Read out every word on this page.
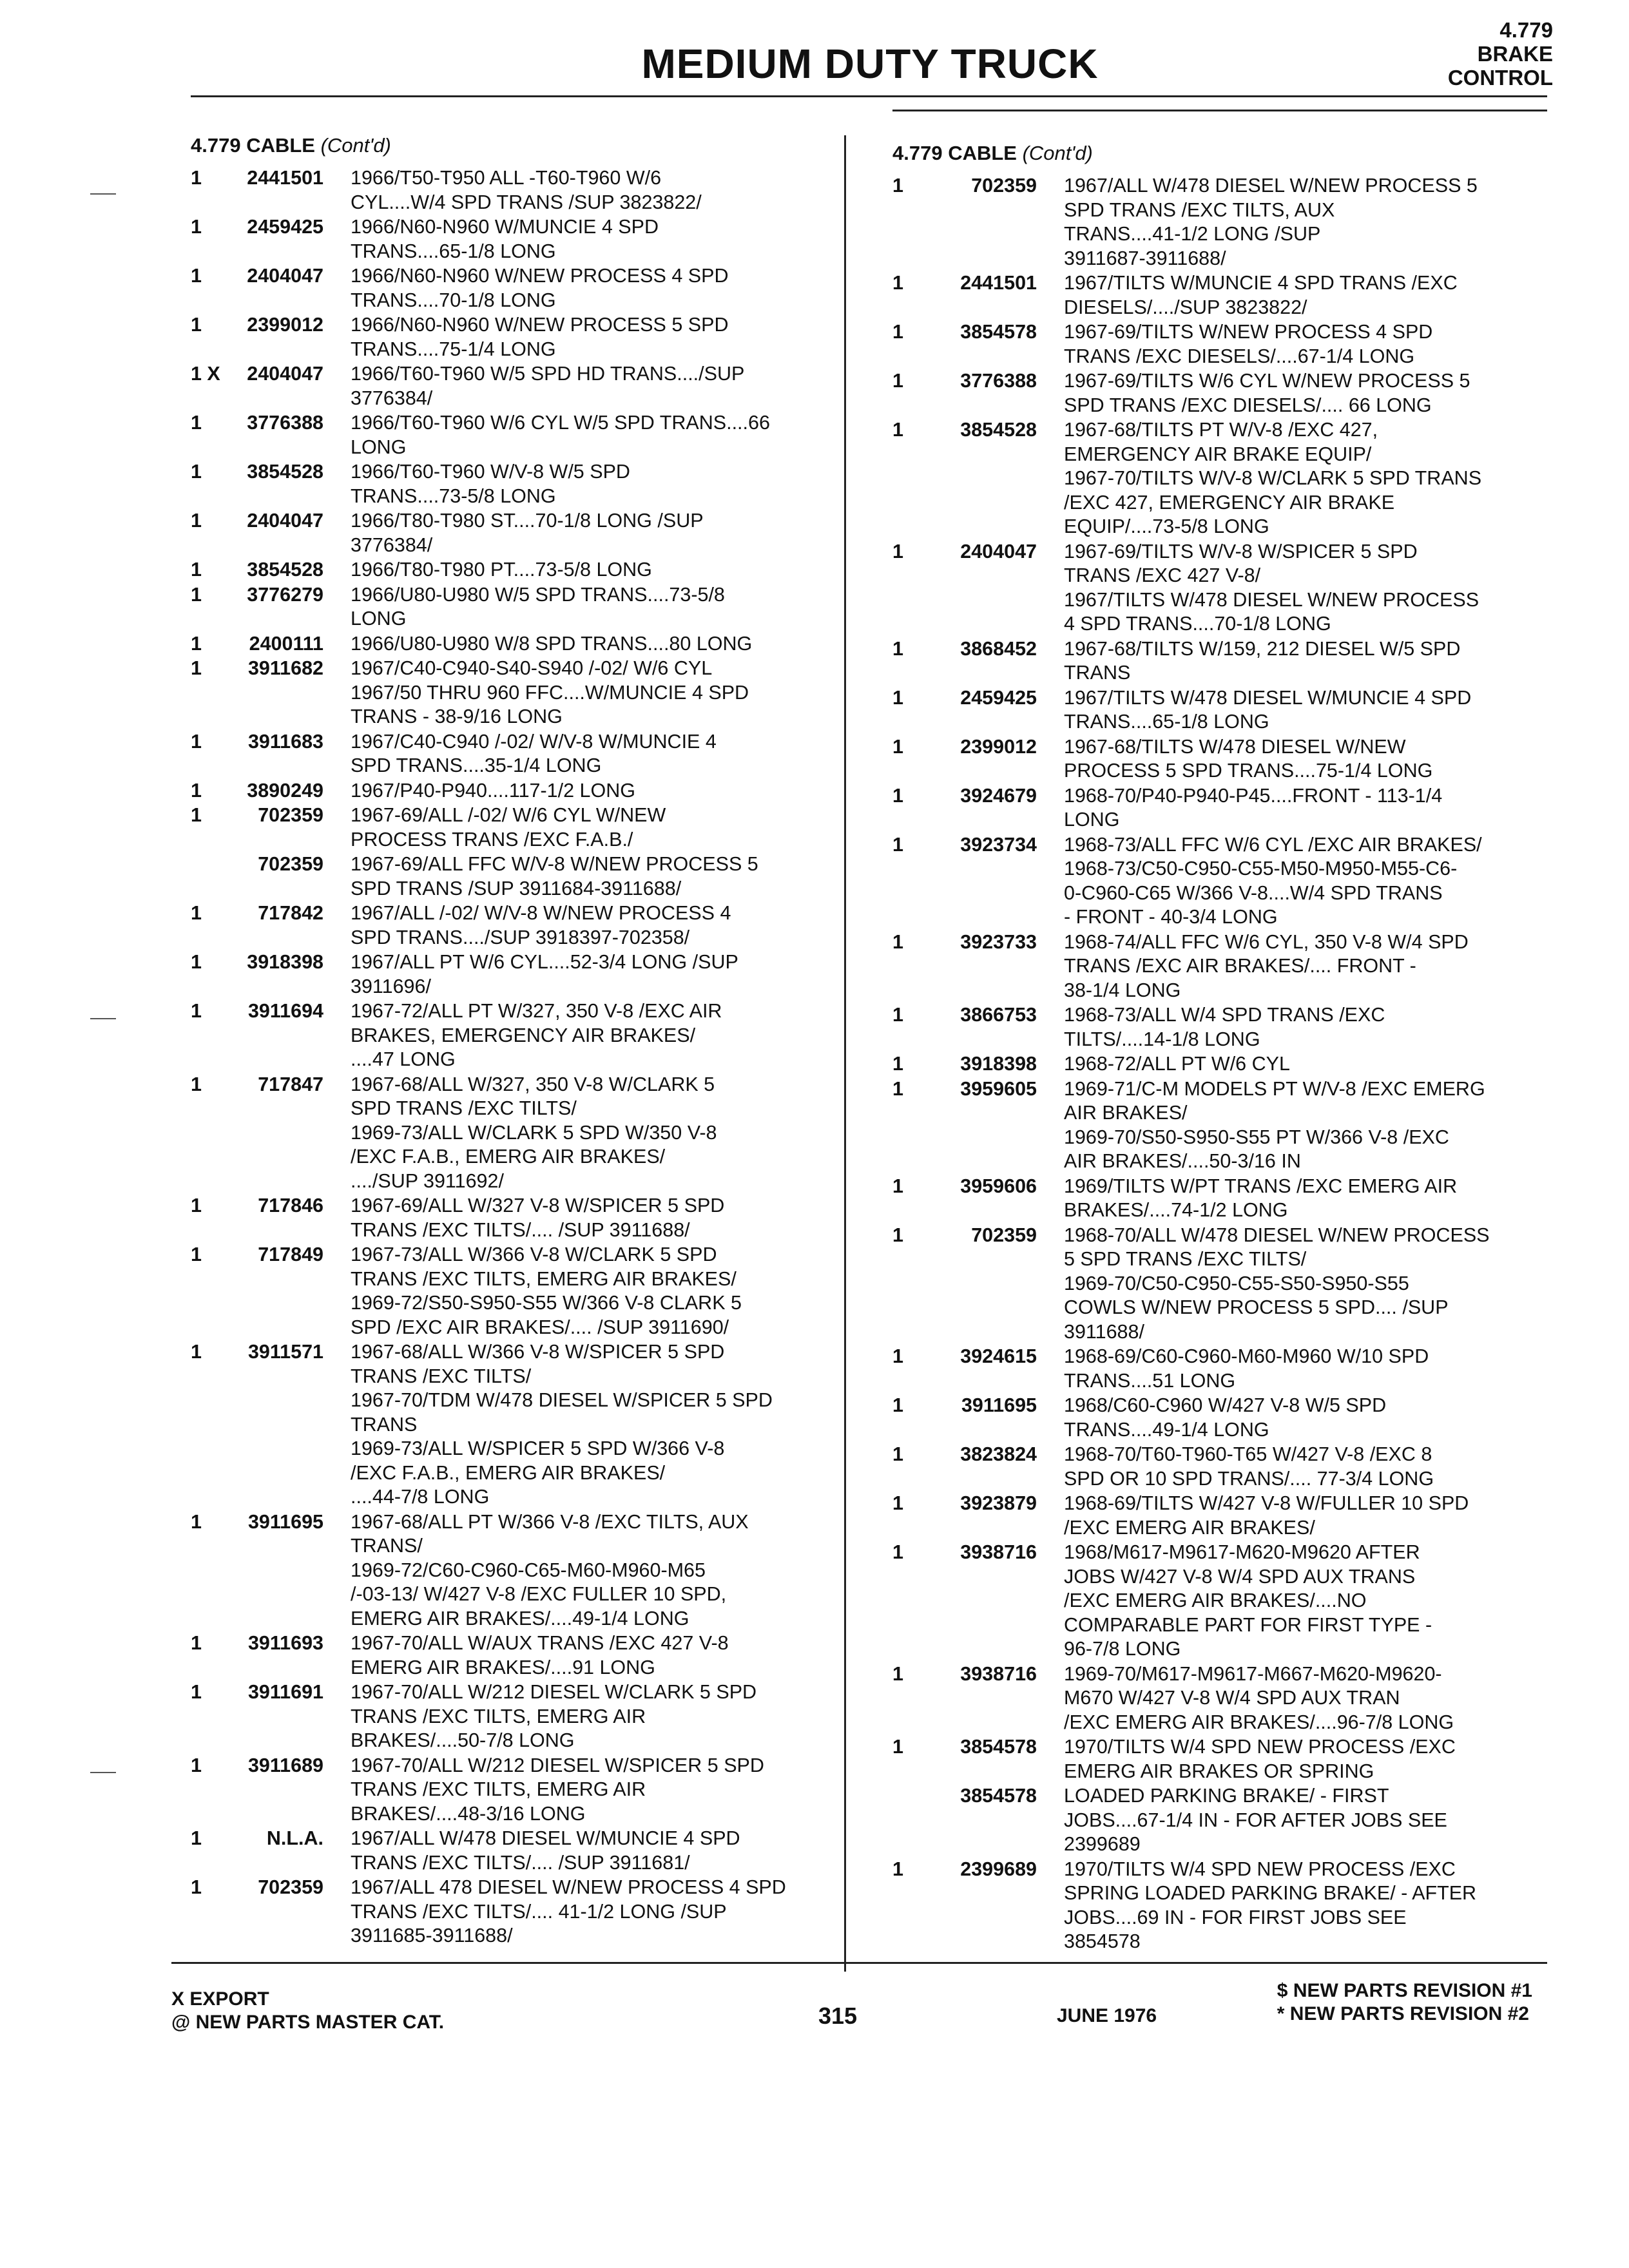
MEDIUM DUTY TRUCK
4.779
BRAKE
CONTROL
4.779 CABLE (Cont'd)
1	2441501	1966/T50-T950 ALL -T60-T960 W/6
CYL....W/4 SPD TRANS /SUP 3823822/
1	2459425	1966/N60-N960 W/MUNCIE 4 SPD
TRANS....65-1/8 LONG
1	2404047	1966/N60-N960 W/NEW PROCESS 4 SPD
TRANS....70-1/8 LONG
1	2399012	1966/N60-N960 W/NEW PROCESS 5 SPD
TRANS....75-1/4 LONG
1 X	2404047	1966/T60-T960 W/5 SPD HD TRANS..../SUP
3776384/
1	3776388	1966/T60-T960 W/6 CYL W/5 SPD TRANS....66
LONG
1	3854528	1966/T60-T960 W/V-8 W/5 SPD
TRANS....73-5/8 LONG
1	2404047	1966/T80-T980 ST....70-1/8 LONG /SUP
3776384/
1	3854528	1966/T80-T980 PT....73-5/8 LONG
1	3776279	1966/U80-U980 W/5 SPD TRANS....73-5/8
LONG
1	2400111	1966/U80-U980 W/8 SPD TRANS....80 LONG
1	3911682	1967/C40-C940-S40-S940 /-02/ W/6 CYL
1967/50 THRU 960 FFC....W/MUNCIE 4 SPD
TRANS - 38-9/16 LONG
1	3911683	1967/C40-C940 /-02/ W/V-8 W/MUNCIE 4
SPD TRANS....35-1/4 LONG
1	3890249	1967/P40-P940....117-1/2 LONG
1	702359	1967-69/ALL /-02/ W/6 CYL W/NEW
PROCESS TRANS /EXC F.A.B./
702359	1967-69/ALL FFC W/V-8 W/NEW PROCESS 5
SPD TRANS /SUP 3911684-3911688/
1	717842	1967/ALL /-02/ W/V-8 W/NEW PROCESS 4
SPD TRANS..../SUP 3918397-702358/
1	3918398	1967/ALL PT W/6 CYL....52-3/4 LONG /SUP
3911696/
1	3911694	1967-72/ALL PT W/327, 350 V-8 /EXC AIR
BRAKES, EMERGENCY AIR BRAKES/
....47 LONG
1	717847	1967-68/ALL W/327, 350 V-8 W/CLARK 5
SPD TRANS /EXC TILTS/
1969-73/ALL W/CLARK 5 SPD W/350 V-8
/EXC F.A.B., EMERG AIR BRAKES/
..../SUP 3911692/
1	717846	1967-69/ALL W/327 V-8 W/SPICER 5 SPD
TRANS /EXC TILTS/.... /SUP 3911688/
1	717849	1967-73/ALL W/366 V-8 W/CLARK 5 SPD
TRANS /EXC TILTS, EMERG AIR BRAKES/
1969-72/S50-S950-S55 W/366 V-8 CLARK 5
SPD /EXC AIR BRAKES/.... /SUP 3911690/
1	3911571	1967-68/ALL W/366 V-8 W/SPICER 5 SPD
TRANS /EXC TILTS/
1967-70/TDM W/478 DIESEL W/SPICER 5 SPD
TRANS
1969-73/ALL W/SPICER 5 SPD W/366 V-8
/EXC F.A.B., EMERG AIR BRAKES/
....44-7/8 LONG
1	3911695	1967-68/ALL PT W/366 V-8 /EXC TILTS, AUX
TRANS/
1969-72/C60-C960-C65-M60-M960-M65
/-03-13/ W/427 V-8 /EXC FULLER 10 SPD,
EMERG AIR BRAKES/....49-1/4 LONG
1	3911693	1967-70/ALL W/AUX TRANS /EXC 427 V-8
EMERG AIR BRAKES/....91 LONG
1	3911691	1967-70/ALL W/212 DIESEL W/CLARK 5 SPD
TRANS /EXC TILTS, EMERG AIR
BRAKES/....50-7/8 LONG
1	3911689	1967-70/ALL W/212 DIESEL W/SPICER 5 SPD
TRANS /EXC TILTS, EMERG AIR
BRAKES/....48-3/16 LONG
1	N.L.A.	1967/ALL W/478 DIESEL W/MUNCIE 4 SPD
TRANS /EXC TILTS/.... /SUP 3911681/
1	702359	1967/ALL 478 DIESEL W/NEW PROCESS 4 SPD
TRANS /EXC TILTS/.... 41-1/2 LONG /SUP
3911685-3911688/
4.779 CABLE (Cont'd)
1	702359	1967/ALL W/478 DIESEL W/NEW PROCESS 5
SPD TRANS /EXC TILTS, AUX
TRANS....41-1/2 LONG /SUP
3911687-3911688/
1	2441501	1967/TILTS W/MUNCIE 4 SPD TRANS /EXC
DIESELS/..../SUP 3823822/
1	3854578	1967-69/TILTS W/NEW PROCESS 4 SPD
TRANS /EXC DIESELS/....67-1/4 LONG
1	3776388	1967-69/TILTS W/6 CYL W/NEW PROCESS 5
SPD TRANS /EXC DIESELS/.... 66 LONG
1	3854528	1967-68/TILTS PT W/V-8 /EXC 427,
EMERGENCY AIR BRAKE EQUIP/
1967-70/TILTS W/V-8 W/CLARK 5 SPD TRANS
/EXC 427, EMERGENCY AIR BRAKE
EQUIP/....73-5/8 LONG
1	2404047	1967-69/TILTS W/V-8 W/SPICER 5 SPD
TRANS /EXC 427 V-8/
1967/TILTS W/478 DIESEL W/NEW PROCESS
4 SPD TRANS....70-1/8 LONG
1	3868452	1967-68/TILTS W/159, 212 DIESEL W/5 SPD
TRANS
1	2459425	1967/TILTS W/478 DIESEL W/MUNCIE 4 SPD
TRANS....65-1/8 LONG
1	2399012	1967-68/TILTS W/478 DIESEL W/NEW
PROCESS 5 SPD TRANS....75-1/4 LONG
1	3924679	1968-70/P40-P940-P45....FRONT - 113-1/4
LONG
1	3923734	1968-73/ALL FFC W/6 CYL /EXC AIR BRAKES/
1968-73/C50-C950-C55-M50-M950-M55-C6-
0-C960-C65 W/366 V-8....W/4 SPD TRANS
- FRONT - 40-3/4 LONG
1	3923733	1968-74/ALL FFC W/6 CYL, 350 V-8 W/4 SPD
TRANS /EXC AIR BRAKES/.... FRONT -
38-1/4 LONG
1	3866753	1968-73/ALL W/4 SPD TRANS /EXC
TILTS/....14-1/8 LONG
1	3918398	1968-72/ALL PT W/6 CYL
1	3959605	1969-71/C-M MODELS PT W/V-8 /EXC EMERG
AIR BRAKES/
1969-70/S50-S950-S55 PT W/366 V-8 /EXC
AIR BRAKES/....50-3/16 IN
1	3959606	1969/TILTS W/PT TRANS /EXC EMERG AIR
BRAKES/....74-1/2 LONG
1	702359	1968-70/ALL W/478 DIESEL W/NEW PROCESS
5 SPD TRANS /EXC TILTS/
1969-70/C50-C950-C55-S50-S950-S55
COWLS W/NEW PROCESS 5 SPD.... /SUP
3911688/
1	3924615	1968-69/C60-C960-M60-M960 W/10 SPD
TRANS....51 LONG
1	3911695	1968/C60-C960 W/427 V-8 W/5 SPD
TRANS....49-1/4 LONG
1	3823824	1968-70/T60-T960-T65 W/427 V-8 /EXC 8
SPD OR 10 SPD TRANS/.... 77-3/4 LONG
1	3923879	1968-69/TILTS W/427 V-8 W/FULLER 10 SPD
/EXC EMERG AIR BRAKES/
1	3938716	1968/M617-M9617-M620-M9620 AFTER
JOBS W/427 V-8 W/4 SPD AUX TRANS
/EXC EMERG AIR BRAKES/....NO
COMPARABLE PART FOR FIRST TYPE -
96-7/8 LONG
1	3938716	1969-70/M617-M9617-M667-M620-M9620-
M670 W/427 V-8 W/4 SPD AUX TRAN
/EXC EMERG AIR BRAKES/....96-7/8 LONG
1	3854578	1970/TILTS W/4 SPD NEW PROCESS /EXC
EMERG AIR BRAKES OR SPRING
3854578	LOADED PARKING BRAKE/ - FIRST
JOBS....67-1/4 IN - FOR AFTER JOBS SEE
2399689
1	2399689	1970/TILTS W/4 SPD NEW PROCESS /EXC
SPRING LOADED PARKING BRAKE/ - AFTER
JOBS....69 IN - FOR FIRST JOBS SEE
3854578
X EXPORT
@ NEW PARTS MASTER CAT.	315	JUNE 1976
$ NEW PARTS REVISION #1
* NEW PARTS REVISION #2
